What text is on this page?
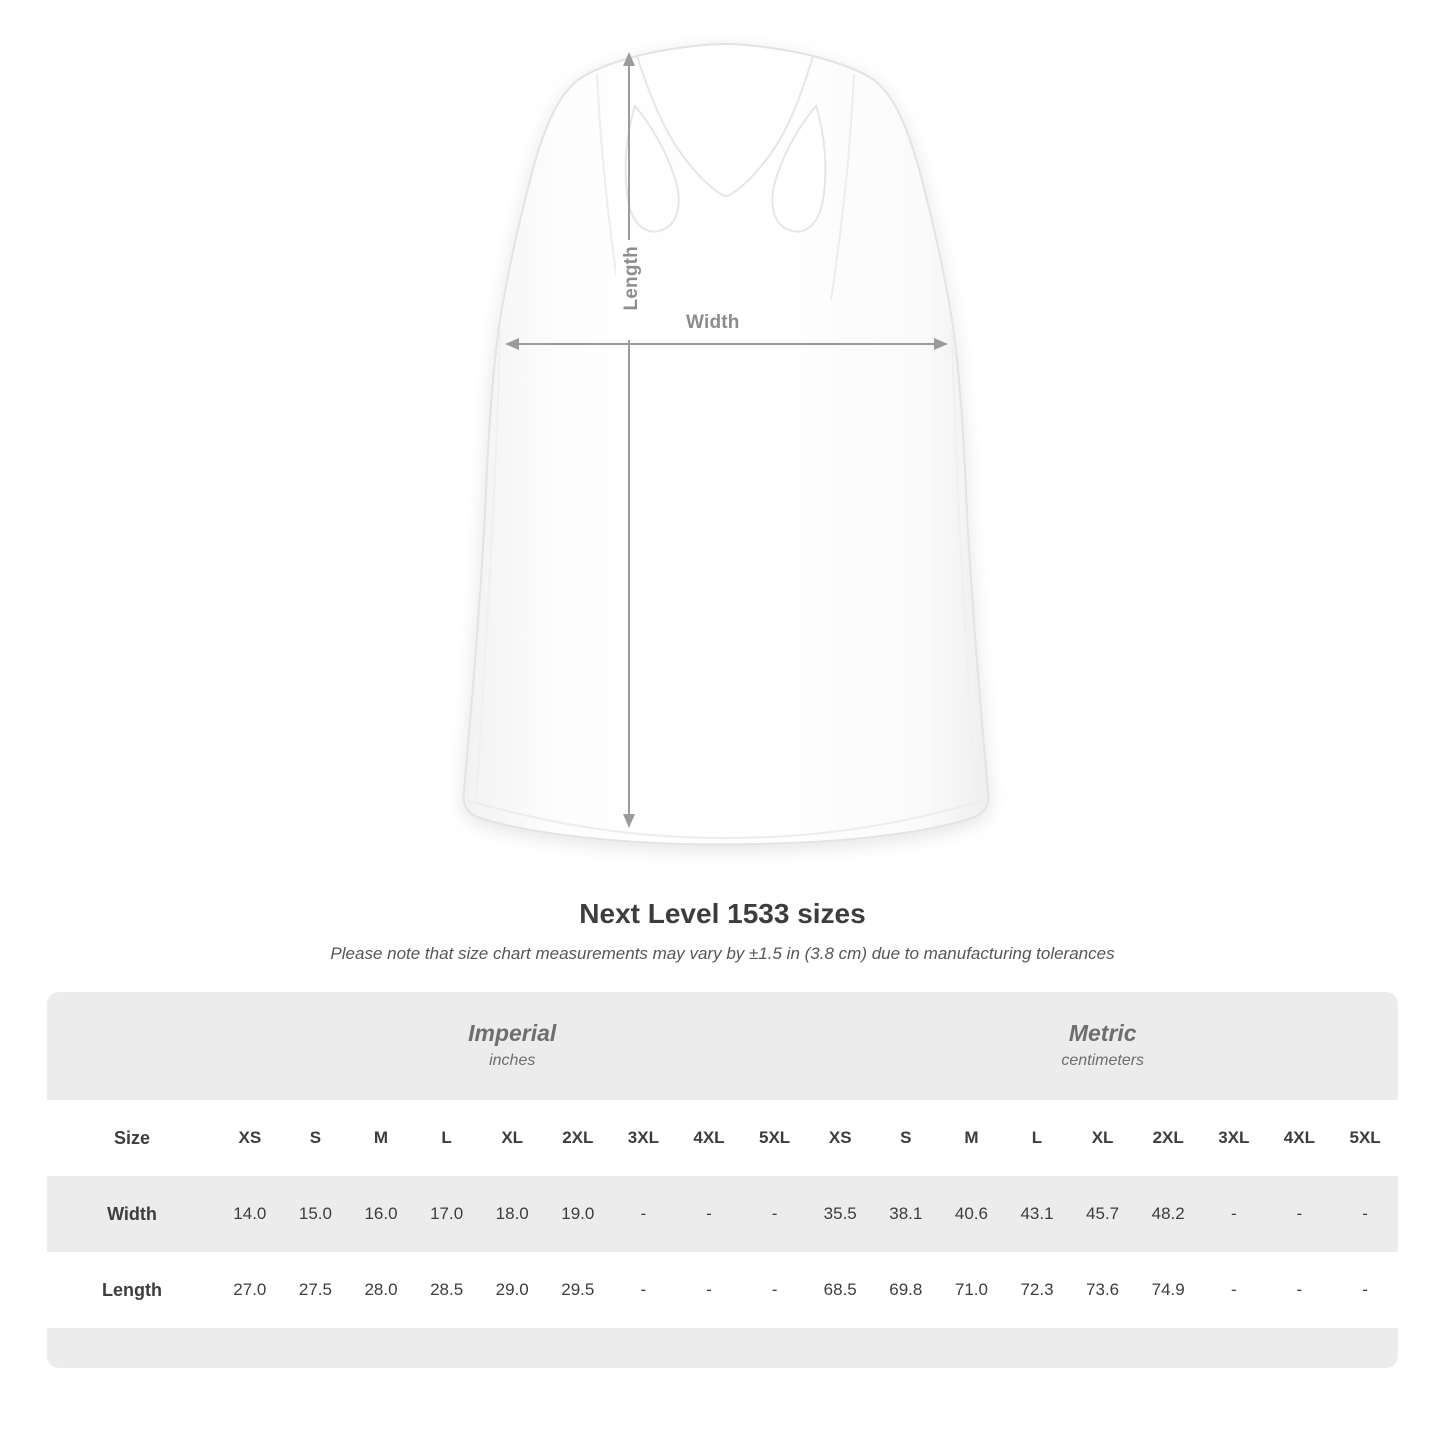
Width
Length
Next Level 1533 sizes

Please note that size chart measurements may vary by ±1.5 in (3.8 cm) due to manufacturing tolerances

	Imperial
inches									Metric
centimeters								

Size	XS	S	M	L	XL	2XL	3XL	4XL	5XL	XS	S	M	L	XL	2XL	3XL	4XL	5XL
Width	14.0	15.0	16.0	17.0	18.0	19.0	-	-	-	35.5	38.1	40.6	43.1	45.7	48.2	-	-	-
Length	27.0	27.5	28.0	28.5	29.0	29.5	-	-	-	68.5	69.8	71.0	72.3	73.6	74.9	-	-	-
